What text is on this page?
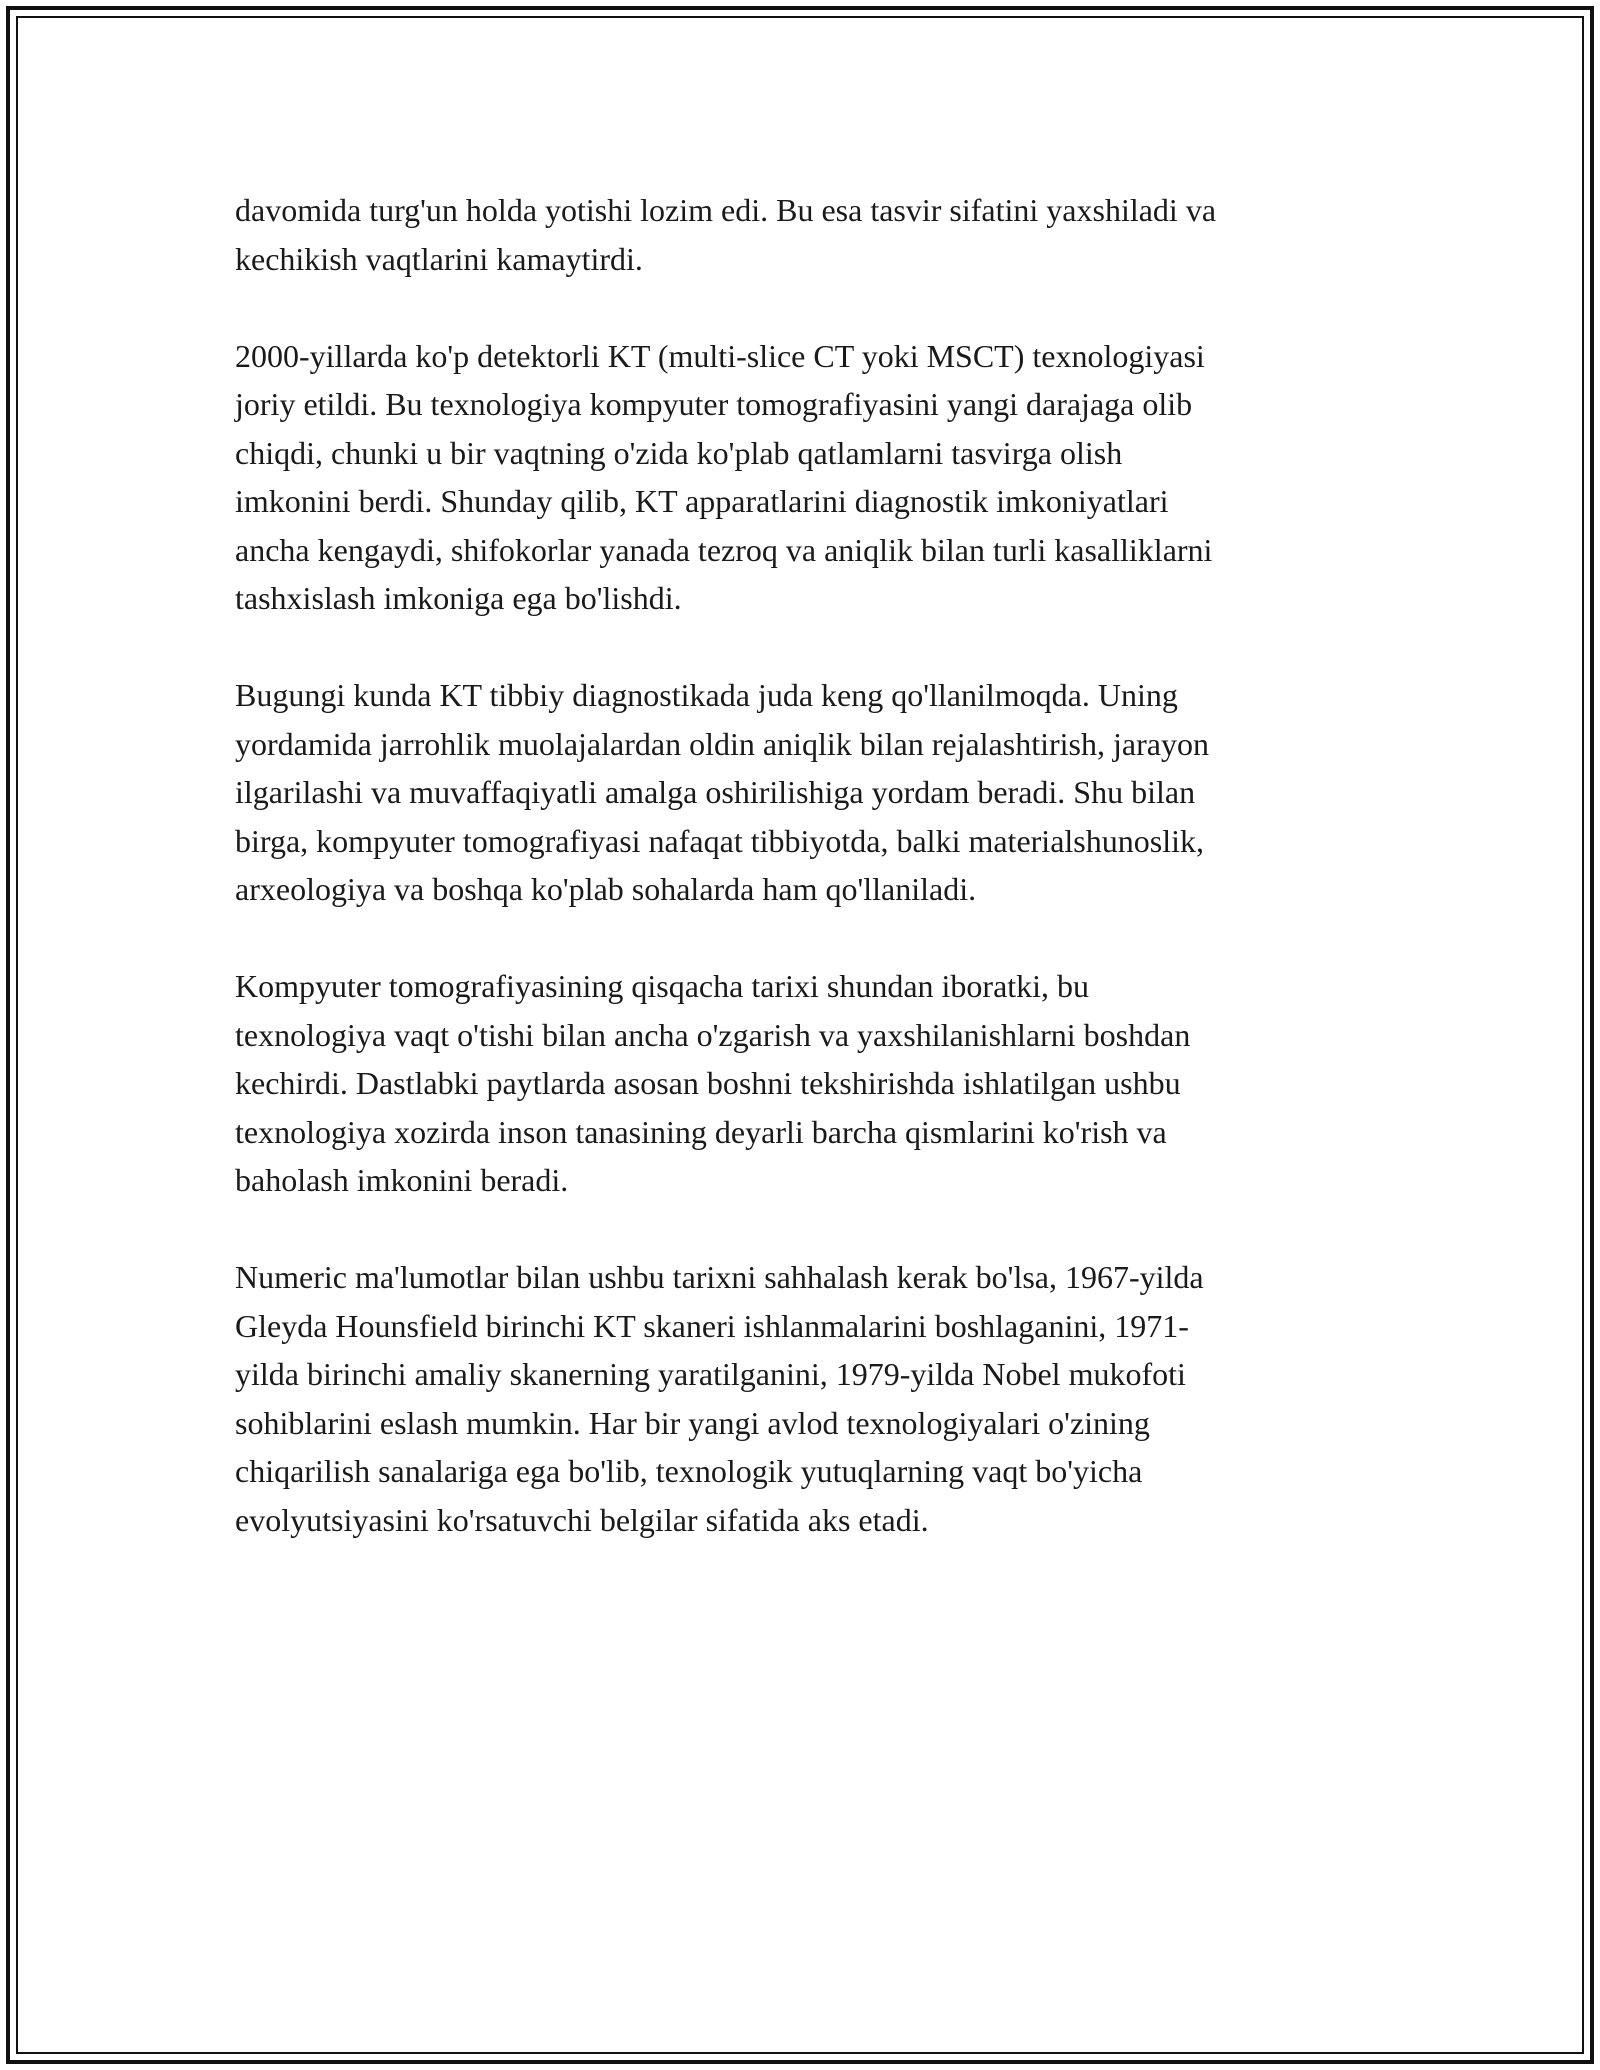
davomida turg'un holda yotishi lozim edi. Bu esa tasvir sifatini yaxshiladi va
kechikish vaqtlarini kamaytirdi.

2000-yillarda ko'p detektorli KT (multi-slice CT yoki MSCT) texnologiyasi
joriy etildi. Bu texnologiya kompyuter tomografiyasini yangi darajaga olib
chiqdi, chunki u bir vaqtning o'zida ko'plab qatlamlarni tasvirga olish
imkonini berdi. Shunday qilib, KT apparatlarini diagnostik imkoniyatlari
ancha kengaydi, shifokorlar yanada tezroq va aniqlik bilan turli kasalliklarni
tashxislash imkoniga ega bo'lishdi.

Bugungi kunda KT tibbiy diagnostikada juda keng qo'llanilmoqda. Uning
yordamida jarrohlik muolajalardan oldin aniqlik bilan rejalashtirish, jarayon
ilgarilashi va muvaffaqiyatli amalga oshirilishiga yordam beradi. Shu bilan
birga, kompyuter tomografiyasi nafaqat tibbiyotda, balki materialshunoslik,
arxeologiya va boshqa ko'plab sohalarda ham qo'llaniladi.

Kompyuter tomografiyasining qisqacha tarixi shundan iboratki, bu
texnologiya vaqt o'tishi bilan ancha o'zgarish va yaxshilanishlarni boshdan
kechirdi. Dastlabki paytlarda asosan boshni tekshirishda ishlatilgan ushbu
texnologiya xozirda inson tanasining deyarli barcha qismlarini ko'rish va
baholash imkonini beradi.

Numeric ma'lumotlar bilan ushbu tarixni sahhalash kerak bo'lsa, 1967-yilda
Gleyda Hounsfield birinchi KT skaneri ishlanmalarini boshlaganini, 1971-
yilda birinchi amaliy skanerning yaratilganini, 1979-yilda Nobel mukofoti
sohiblarini eslash mumkin. Har bir yangi avlod texnologiyalari o'zining
chiqarilish sanalariga ega bo'lib, texnologik yutuqlarning vaqt bo'yicha
evolyutsiyasini ko'rsatuvchi belgilar sifatida aks etadi.
